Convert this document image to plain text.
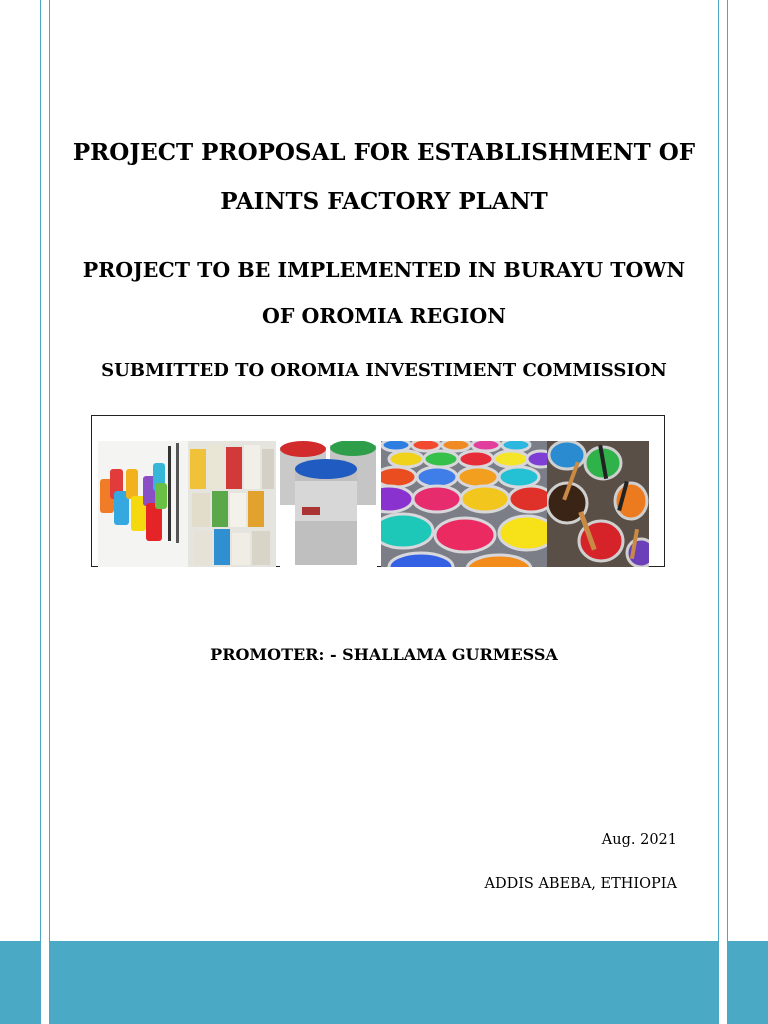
PROJECT PROPOSAL FOR ESTABLISHMENT OF
PAINTS FACTORY PLANT
PROJECT TO BE IMPLEMENTED IN BURAYU TOWN
OF OROMIA REGION
SUBMITTED TO OROMIA INVESTIMENT COMMISSION
PROMOTER: - SHALLAMA GURMESSA
Aug. 2021
ADDIS ABEBA, ETHIOPIA
